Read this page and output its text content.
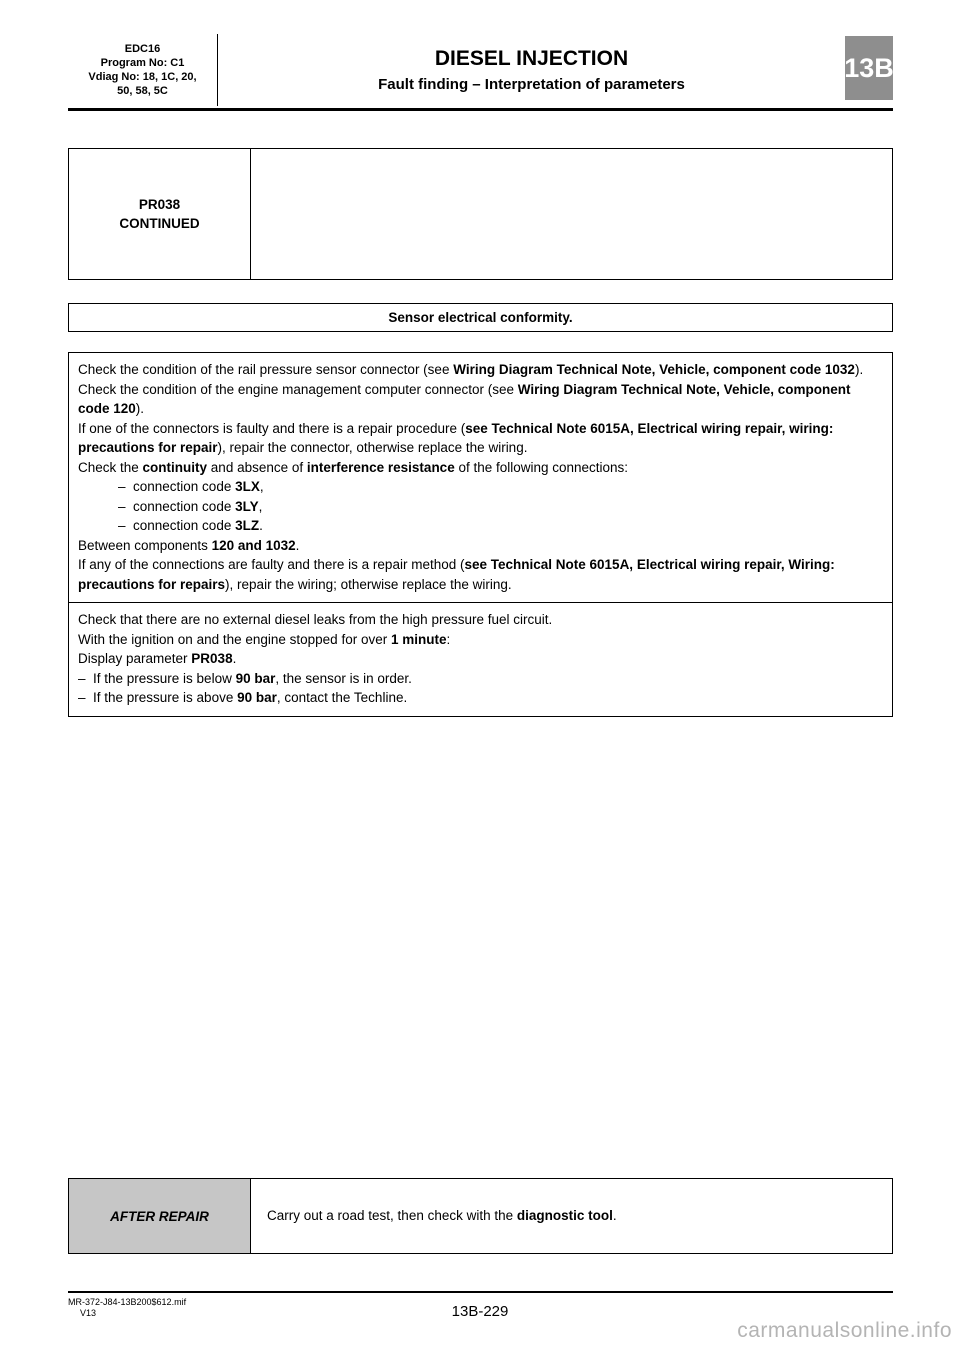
EDC16
Program No: C1
Vdiag No: 18, 1C, 20,
50, 58, 5C
DIESEL INJECTION
Fault finding – Interpretation of parameters
13B
PR038
CONTINUED
Sensor electrical conformity.
Check the condition of the rail pressure sensor connector (see Wiring Diagram Technical Note, Vehicle, component code 1032).
Check the condition of the engine management computer connector (see Wiring Diagram Technical Note, Vehicle, component code 120).
If one of the connectors is faulty and there is a repair procedure (see Technical Note 6015A, Electrical wiring repair, wiring: precautions for repair), repair the connector, otherwise replace the wiring.
Check the continuity and absence of interference resistance of the following connections:
–  connection code 3LX,
–  connection code 3LY,
–  connection code 3LZ.
Between components 120 and 1032.
If any of the connections are faulty and there is a repair method (see Technical Note 6015A, Electrical wiring repair, Wiring: precautions for repairs), repair the wiring; otherwise replace the wiring.
Check that there are no external diesel leaks from the high pressure fuel circuit.
With the ignition on and the engine stopped for over 1 minute:
Display parameter PR038.
–  If the pressure is below 90 bar, the sensor is in order.
–  If the pressure is above 90 bar, contact the Techline.
AFTER REPAIR	Carry out a road test, then check with the diagnostic tool.
MR-372-J84-13B200$612.mif
V13	13B-229
carmanualsonline.info
